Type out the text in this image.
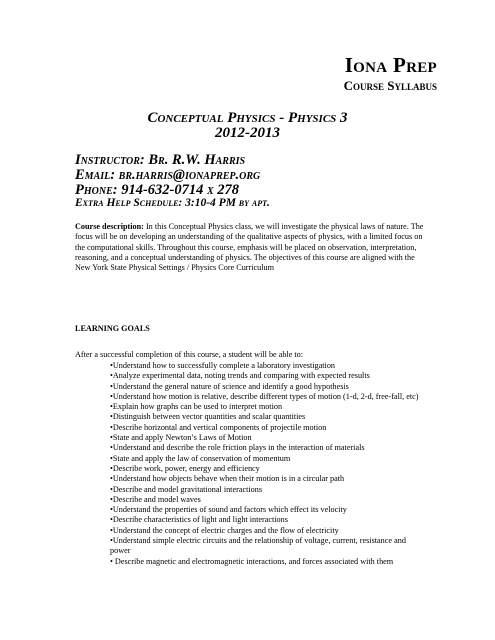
Iona Prep
Course Syllabus
Conceptual Physics - Physics 3
2012-2013
Instructor: Br. R.W. Harris
Email: br.harris@ionaprep.org
Phone: 914-632-0714 x 278
Extra Help Schedule: 3:10-4 PM by apt.
Course description: In this Conceptual Physics class, we will investigate the physical laws of nature. The focus will be on developing an understanding of the qualitative aspects of physics, with a limited focus on the computational skills. Throughout this course, emphasis will be placed on observation, interpretation, reasoning, and a conceptual understanding of physics. The objectives of this course are aligned with the New York State Physical Settings / Physics Core Curriculum
LEARNING GOALS
After a successful completion of this course, a student will be able to:
•Understand how to successfully complete a laboratory investigation
•Analyze experimental data, noting trends and comparing with expected results
•Understand the general nature of science and identify a good hypothesis
•Understand how motion is relative, describe different types of motion (1-d, 2-d, free-fall, etc)
•Explain how graphs can be used to interpret motion
•Distinguish between vector quantities and scalar quantities
•Describe horizontal and vertical components of projectile motion
•State and apply Newton’s Laws of Motion
•Understand and describe the role friction plays in the interaction of materials
•State and apply the law of conservation of momentum
•Describe work, power, energy and efficiency
•Understand how objects behave when their motion is in a circular path
•Describe and model gravitational interactions
•Describe and model waves
•Understand the properties of sound and factors which effect its velocity
•Describe characteristics of light and light interactions
•Understand the concept of electric charges and the flow of electricity
•Understand simple electric circuits and the relationship of voltage, current, resistance and power
• Describe magnetic and electromagnetic interactions, and forces associated with them
